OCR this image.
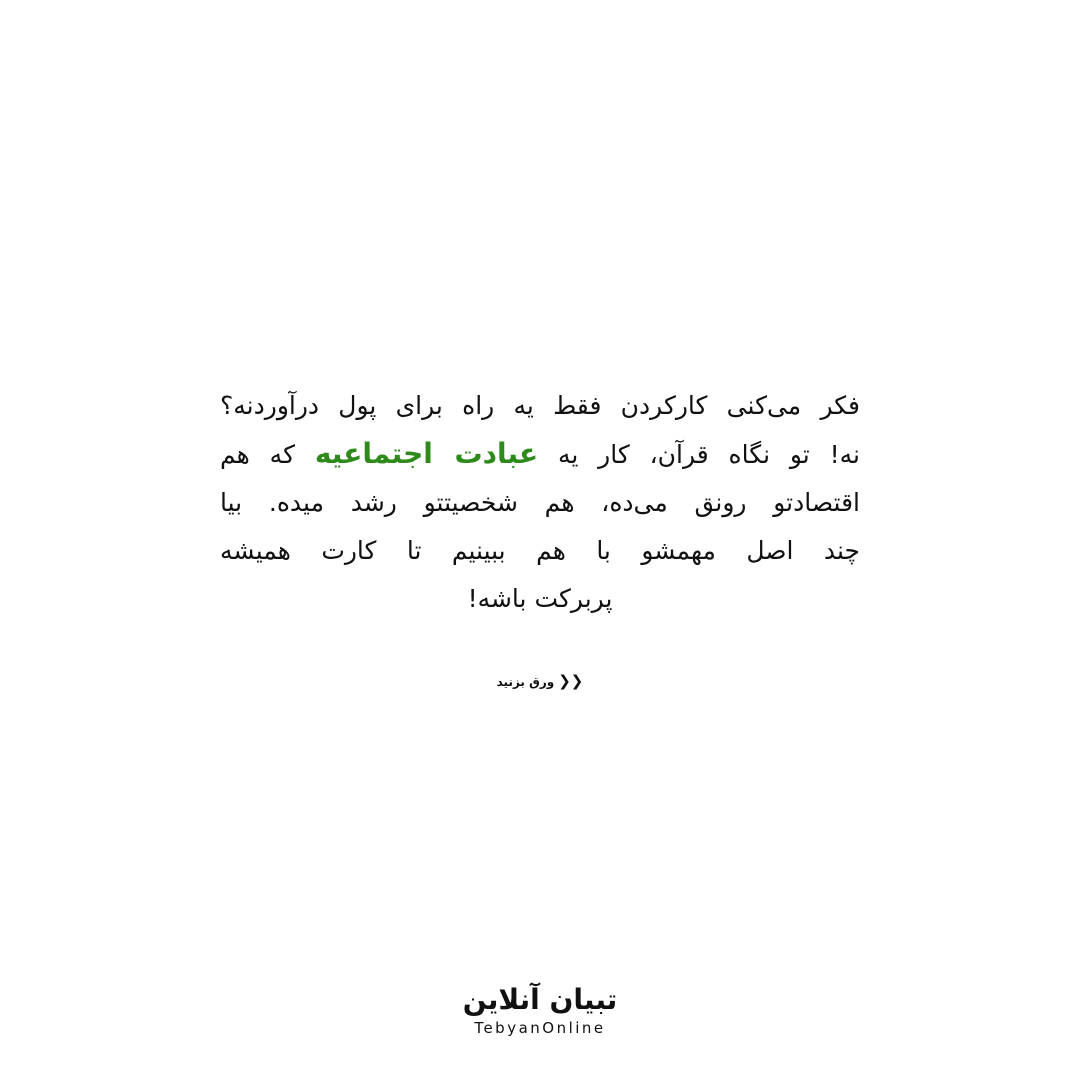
فکر می‌کنی کارکردن فقط یه راه برای پول درآوردنه؟
نه! تو نگاه قرآن، کار یه عبادت اجتماعیه که هم
اقتصادتو رونق می‌ده، هم شخصیتتو رشد میده. بیا
چند اصل مهمشو با هم ببینیم تا کارت همیشه
پربرکت باشه!
❮❮ورق بزنید
تبیان آنلاین
TebyanOnline
